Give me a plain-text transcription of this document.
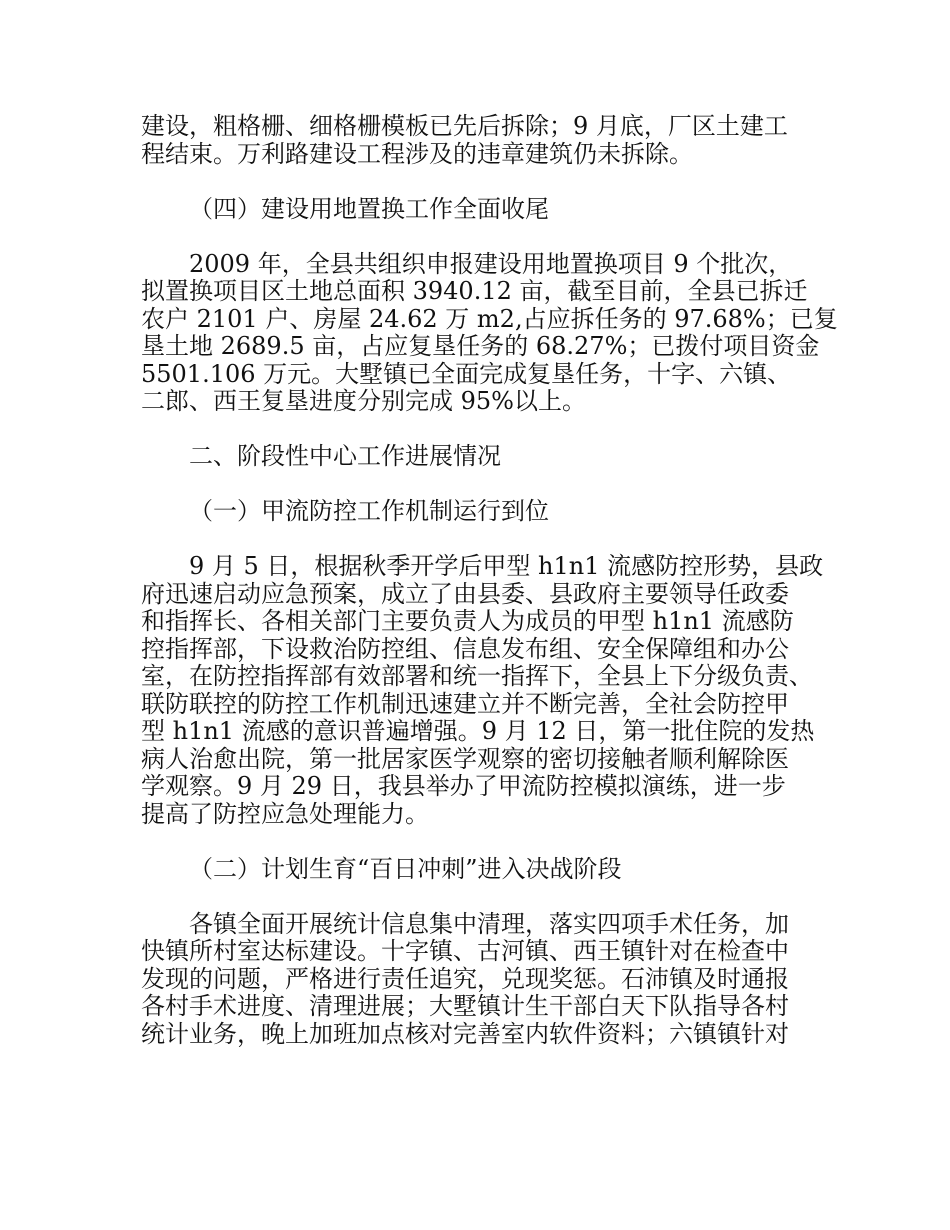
建设，粗格栅、细格栅模板已先后拆除；9 月底，厂区土建工
程结束。万利路建设工程涉及的违章建筑仍未拆除。
（四）建设用地置换工作全面收尾
2009 年，全县共组织申报建设用地置换项目 9 个批次，
拟置换项目区土地总面积 3940.12 亩，截至目前，全县已拆迁
农户 2101 户、房屋 24.62 万 m2,占应拆任务的 97.68%；已复
垦土地 2689.5 亩，占应复垦任务的 68.27%；已拨付项目资金
5501.106 万元。大墅镇已全面完成复垦任务，十字、六镇、
二郎、西王复垦进度分别完成 95%以上。
二、阶段性中心工作进展情况
（一）甲流防控工作机制运行到位
9 月 5 日，根据秋季开学后甲型 h1n1 流感防控形势，县政
府迅速启动应急预案，成立了由县委、县政府主要领导任政委
和指挥长、各相关部门主要负责人为成员的甲型 h1n1 流感防
控指挥部，下设救治防控组、信息发布组、安全保障组和办公
室，在防控指挥部有效部署和统一指挥下，全县上下分级负责、
联防联控的防控工作机制迅速建立并不断完善，全社会防控甲
型 h1n1 流感的意识普遍增强。9 月 12 日，第一批住院的发热
病人治愈出院，第一批居家医学观察的密切接触者顺利解除医
学观察。9 月 29 日，我县举办了甲流防控模拟演练，进一步
提高了防控应急处理能力。
（二）计划生育“百日冲刺”进入决战阶段
各镇全面开展统计信息集中清理，落实四项手术任务，加
快镇所村室达标建设。十字镇、古河镇、西王镇针对在检查中
发现的问题，严格进行责任追究，兑现奖惩。石沛镇及时通报
各村手术进度、清理进展；大墅镇计生干部白天下队指导各村
统计业务，晚上加班加点核对完善室内软件资料；六镇镇针对
